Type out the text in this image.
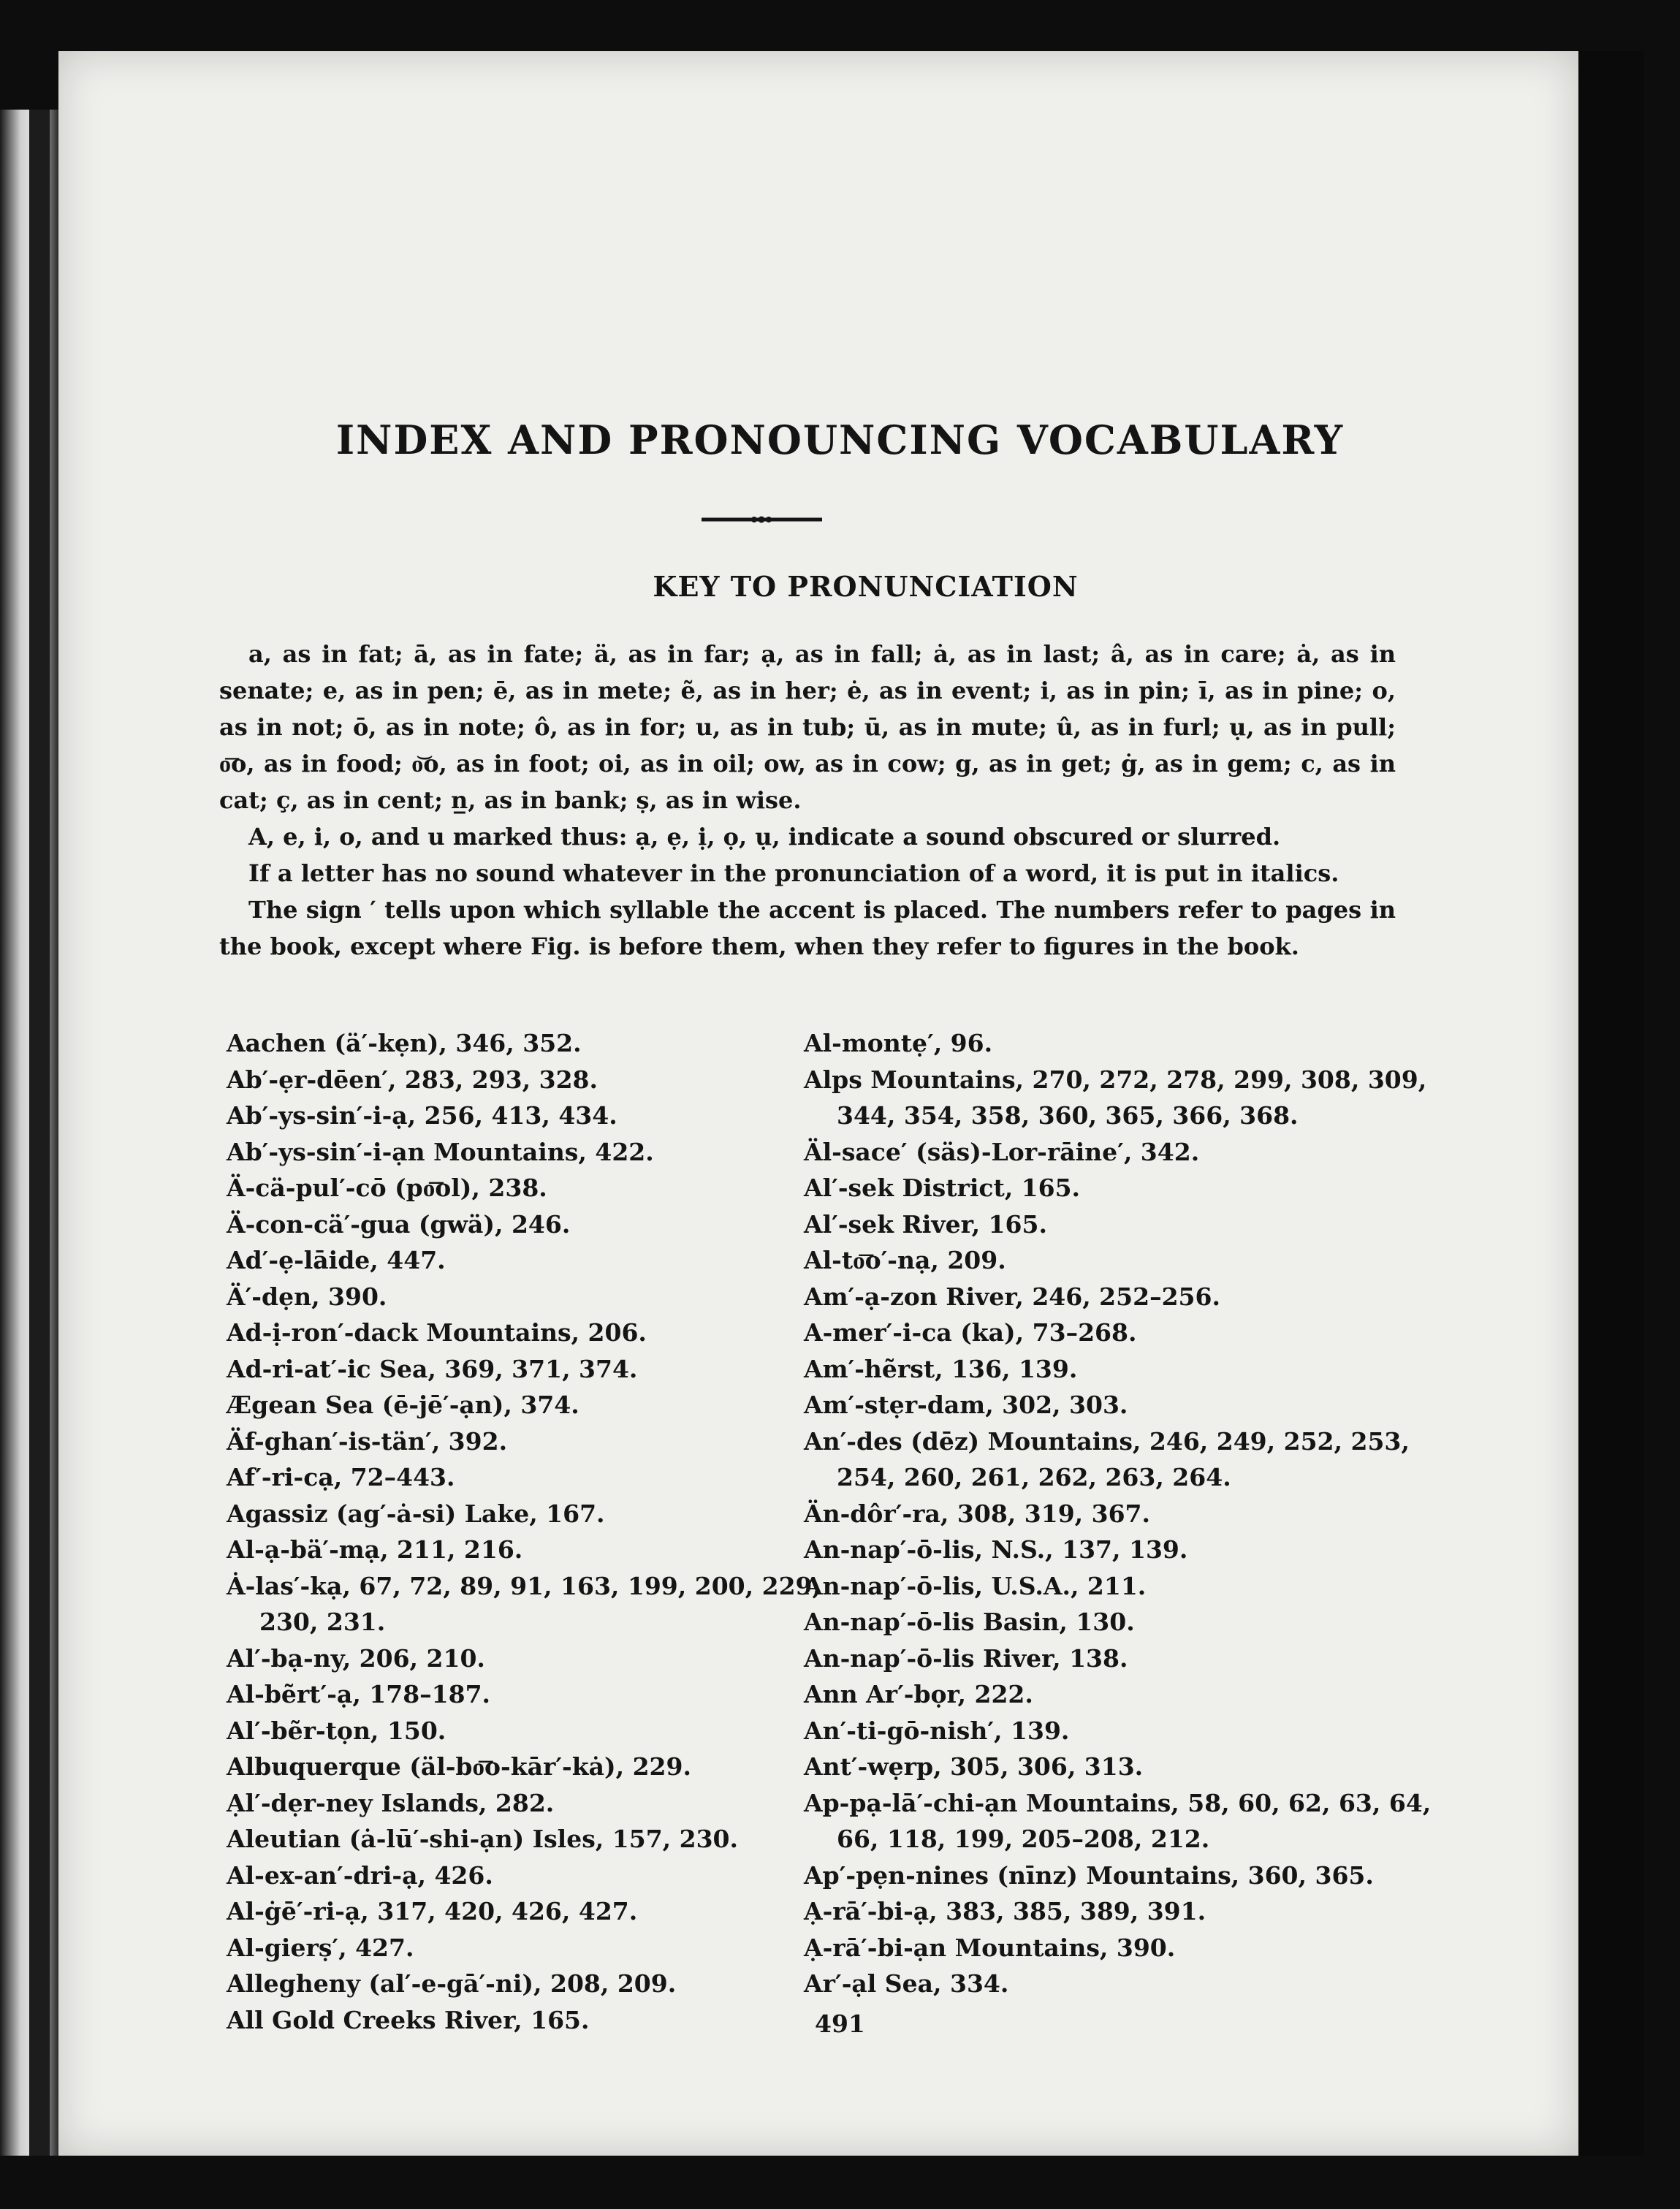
INDEX AND PRONOUNCING VOCABULARY
KEY TO PRONUNCIATION

a, as in fat; ā, as in fate; ä, as in far; ạ, as in fall; ȧ, as in last; â, as in care; ȧ, as in senate; e, as in pen; ē, as in mete; ẽ, as in her; ė, as in event; i, as in pin; ī, as in pine; o, as in not; ō, as in note; ô, as in for; u, as in tub; ū, as in mute; û, as in furl; ụ, as in pull; o͞o, as in food; o͝o, as in foot; oi, as in oil; ow, as in cow; g, as in get; ġ, as in gem; c, as in cat; ç, as in cent; n̲, as in bank; ṣ, as in wise.

A, e, i, o, and u marked thus: ạ, ẹ, ị, ọ, ụ, indicate a sound obscured or slurred.

If a letter has no sound whatever in the pronunciation of a word, it is put in italics.

The sign ′ tells upon which syllable the accent is placed. The numbers refer to pages in the book, except where Fig. is before them, when they refer to figures in the book.

Aachen (ä′-kẹn), 346, 352.
Ab′-ẹr-dēen′, 283, 293, 328.
Ab′-ys-sin′-i-ạ, 256, 413, 434.
Ab′-ys-sin′-i-ạn Mountains, 422.
Ä-cä-pul′-cō (po͞ol), 238.
Ä-con-cä′-gua (gwä), 246.
Ad′-ẹ-lāide, 447.
Ä′-dẹn, 390.
Ad-ị-ron′-dack Mountains, 206.
Ad-ri-at′-ic Sea, 369, 371, 374.
Ægean Sea (ē-jē′-ạn), 374.
Äf-ghan′-is-tän′, 392.
Af′-ri-cạ, 72–443.
Agassiz (ag′-ȧ-si) Lake, 167.
Al-ạ-bä′-mạ, 211, 216.
Ȧ-las′-kạ, 67, 72, 89, 91, 163, 199, 200, 229, 230, 231.
Al′-bạ-ny, 206, 210.
Al-bẽrt′-ạ, 178–187.
Al′-bẽr-tọn, 150.
Albuquerque (äl-bo͞o-kār′-kȧ), 229.
Ạl′-dẹr-ney Islands, 282.
Aleutian (ȧ-lū′-shi-ạn) Isles, 157, 230.
Al-ex-an′-dri-ạ, 426.
Al-ġē′-ri-ạ, 317, 420, 426, 427.
Al-gierṣ′, 427.
Allegheny (al′-e-gā′-ni), 208, 209.
All Gold Creeks River, 165.
Al-montẹ′, 96.
Alps Mountains, 270, 272, 278, 299, 308, 309, 344, 354, 358, 360, 365, 366, 368.
Äl-sace′ (säs)-Lor-rāine′, 342.
Al′-sek District, 165.
Al′-sek River, 165.
Al-to͞o′-nạ, 209.
Am′-ạ-zon River, 246, 252–256.
A-mer′-i-ca (ka), 73–268.
Am′-hẽrst, 136, 139.
Am′-stẹr-dam, 302, 303.
An′-des (dēz) Mountains, 246, 249, 252, 253, 254, 260, 261, 262, 263, 264.
Än-dôr′-ra, 308, 319, 367.
An-nap′-ō-lis, N.S., 137, 139.
An-nap′-ō-lis, U.S.A., 211.
An-nap′-ō-lis Basin, 130.
An-nap′-ō-lis River, 138.
Ann Ar′-bọr, 222.
An′-ti-gō-nish′, 139.
Ant′-wẹrp, 305, 306, 313.
Ap-pạ-lā′-chi-ạn Mountains, 58, 60, 62, 63, 64, 66, 118, 199, 205–208, 212.
Ap′-pẹn-nines (nīnz) Mountains, 360, 365.
Ạ-rā′-bi-ạ, 383, 385, 389, 391.
Ạ-rā′-bi-ạn Mountains, 390.
Ar′-ạl Sea, 334.

491
